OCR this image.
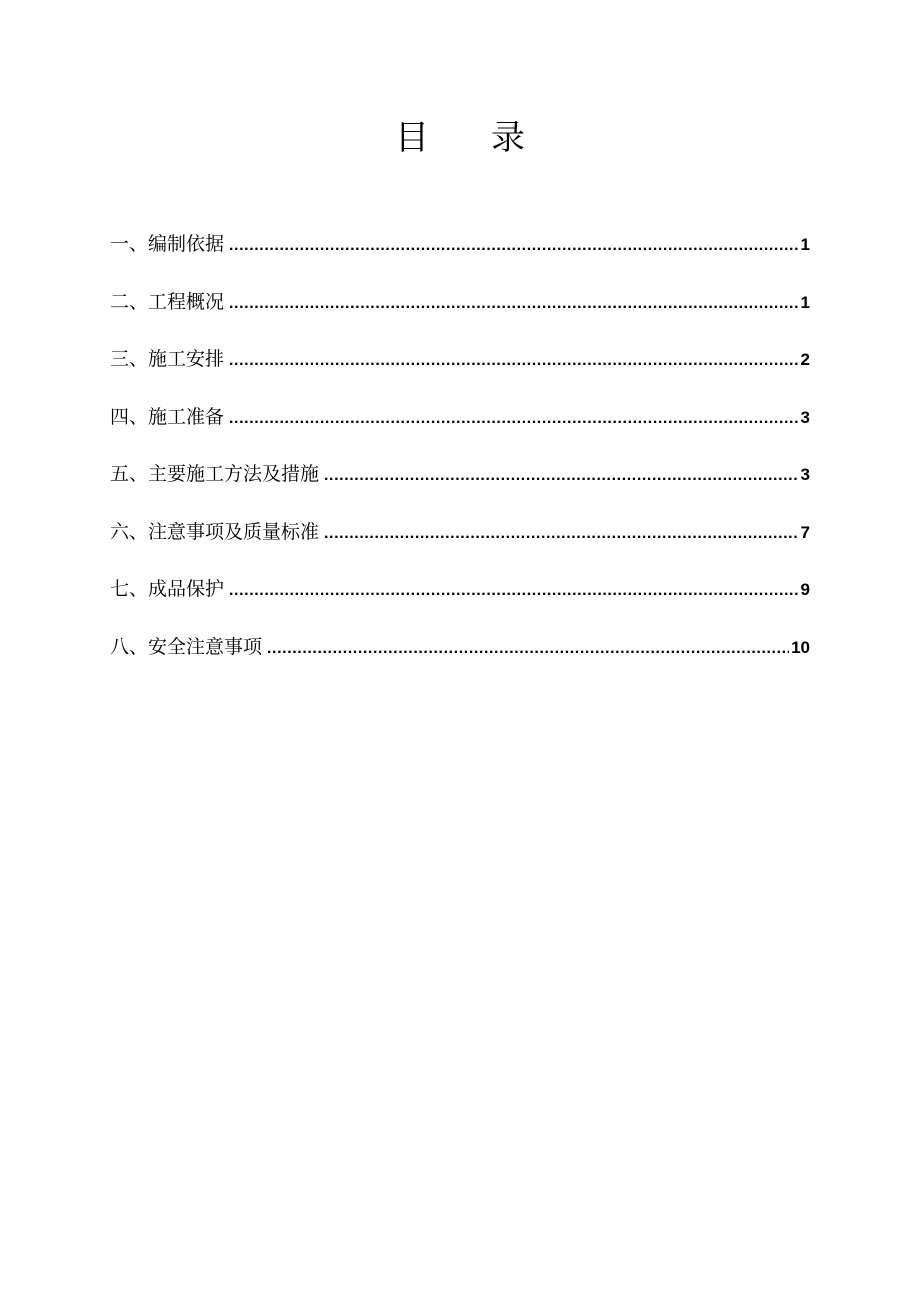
目 录
一、编制依据 .....	1
二、工程概况 .....	1
三、施工安排 .....	2
四、施工准备 .....	3
五、主要施工方法及措施 .....	3
六、注意事项及质量标准 .....	7
七、成品保护 .....	9
八、安全注意事项 .....	10
